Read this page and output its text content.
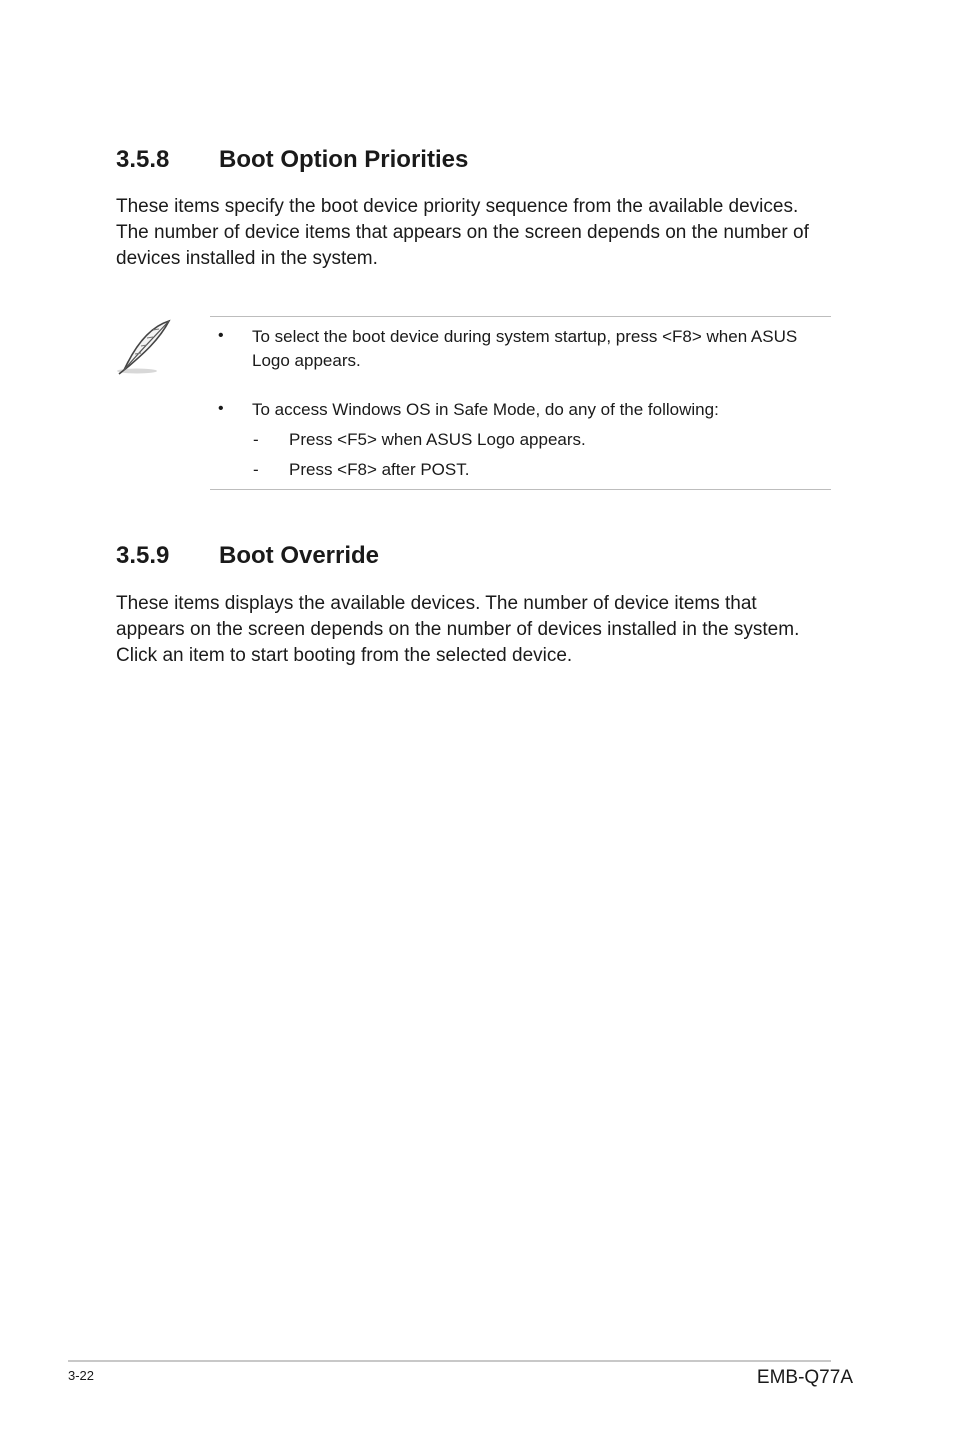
3.5.8	Boot Option Priorities
These items specify the boot device priority sequence from the available devices.
The number of device items that appears on the screen depends on the number of
devices installed in the system.
• To select the boot device during system startup, press <F8> when ASUS
Logo appears.
• To access Windows OS in Safe Mode, do any of the following:
- Press <F5> when ASUS Logo appears.
- Press <F8> after POST.
3.5.9	Boot Override
These items displays the available devices. The number of device items that
appears on the screen depends on the number of devices installed in the system.
Click an item to start booting from the selected device.
3-22	EMB-Q77A
